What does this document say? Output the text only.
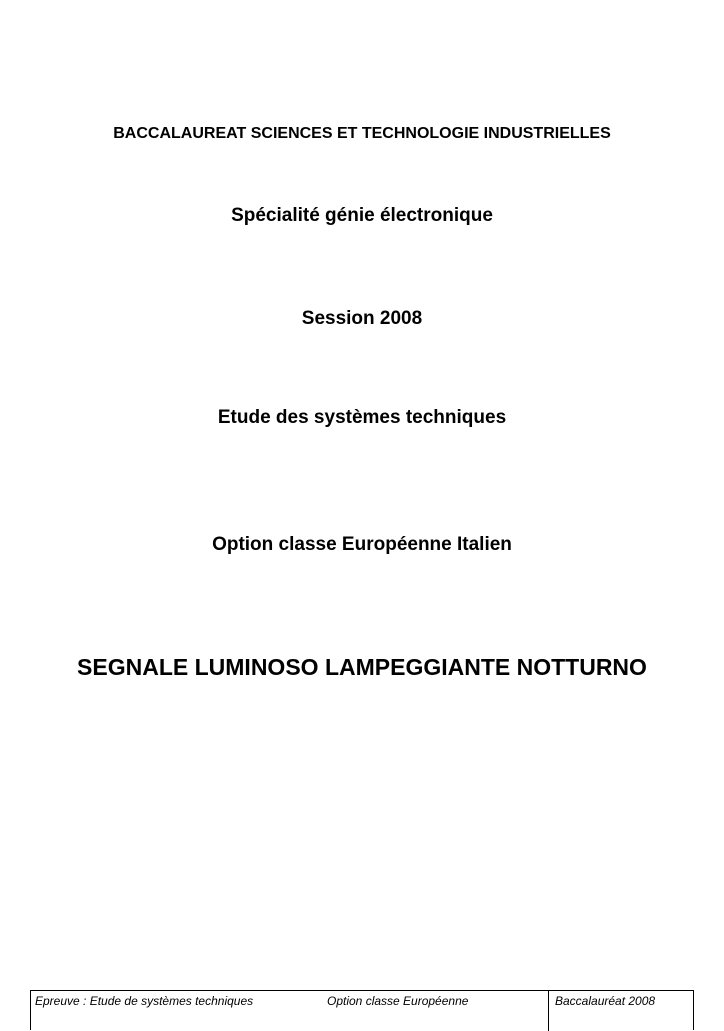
BACCALAUREAT SCIENCES ET TECHNOLOGIE INDUSTRIELLES
Spécialité génie électronique
Session 2008
Etude des systèmes techniques
Option classe Européenne Italien
SEGNALE LUMINOSO LAMPEGGIANTE NOTTURNO
Epreuve : Etude de systèmes techniques	Option classe Européenne	Baccalauréat 2008
